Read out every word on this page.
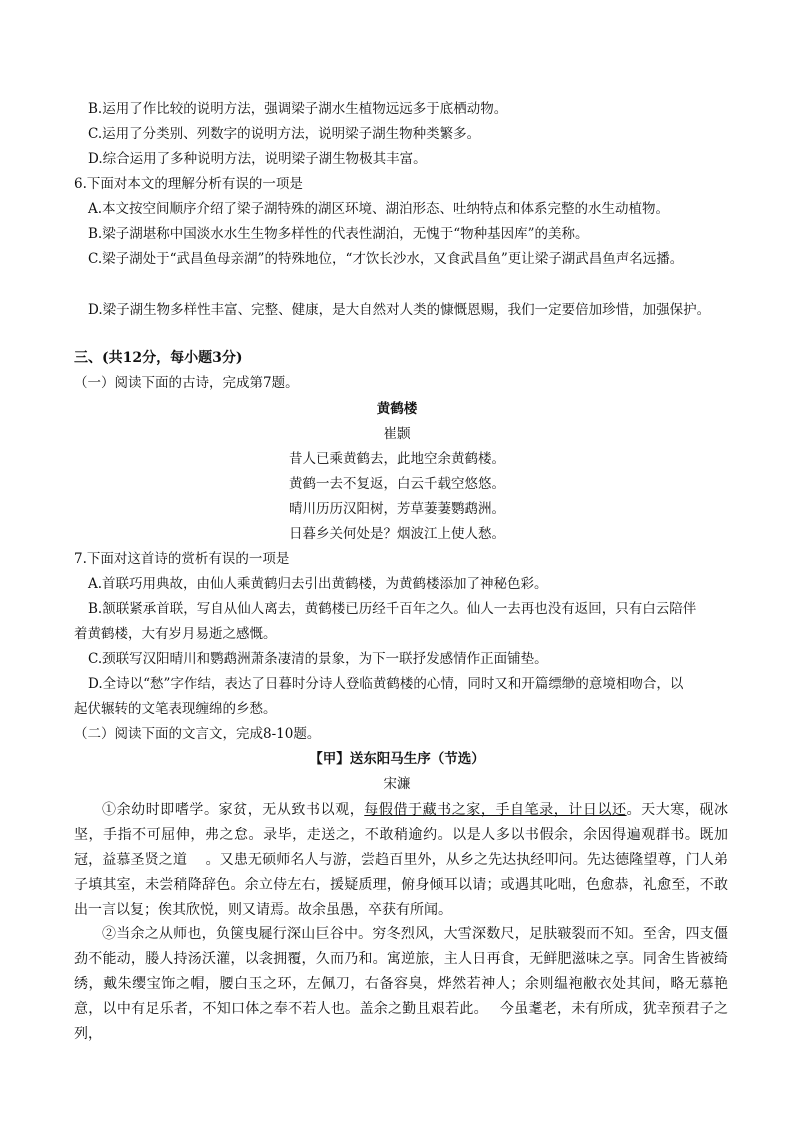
B.运用了作比较的说明方法，强调梁子湖水生植物远远多于底栖动物。
C.运用了分类别、列数字的说明方法，说明梁子湖生物种类繁多。
D.综合运用了多种说明方法，说明梁子湖生物极其丰富。
6.下面对本文的理解分析有误的一项是
A.本文按空间顺序介绍了梁子湖特殊的湖区环境、湖泊形态、吐纳特点和体系完整的水生动植物。
B.梁子湖堪称中国淡水水生生物多样性的代表性湖泊，无愧于“物种基因库”的美称。
C.梁子湖处于“武昌鱼母亲湖”的特殊地位，“才饮长沙水，又食武昌鱼”更让梁子湖武昌鱼声名远播。
D.梁子湖生物多样性丰富、完整、健康，是大自然对人类的慷慨恩赐，我们一定要倍加珍惜，加强保护。
三、(共12分，每小题3分)
（一）阅读下面的古诗，完成第7题。
黄鹤楼
崔颢
昔人已乘黄鹤去，此地空余黄鹤楼。
黄鹤一去不复返，白云千载空悠悠。
晴川历历汉阳树，芳草萋萋鹦鹉洲。
日暮乡关何处是？烟波江上使人愁。
7.下面对这首诗的赏析有误的一项是
A.首联巧用典故，由仙人乘黄鹤归去引出黄鹤楼，为黄鹤楼添加了神秘色彩。
B.颔联紧承首联，写自从仙人离去，黄鹤楼已历经千百年之久。仙人一去再也没有返回，只有白云陪伴
着黄鹤楼，大有岁月易逝之感慨。
C.颈联写汉阳晴川和鹦鹉洲萧条凄清的景象，为下一联抒发感情作正面铺垫。
D.全诗以“愁”字作结，表达了日暮时分诗人登临黄鹤楼的心情，同时又和开篇缥缈的意境相吻合，以
起伏辗转的文笔表现缠绵的乡愁。
（二）阅读下面的文言文，完成8-10题。
【甲】送东阳马生序（节选）
宋濂
①余幼时即嗜学。家贫，无从致书以观，每假借于藏书之家，手自笔录，计日以还。天大寒，砚冰坚，手指不可屈伸，弗之怠。录毕，走送之，不敢稍逾约。以是人多以书假余，余因得遍观群书。既加冠，益慕圣贤之道　 。又患无硕师名人与游，尝趋百里外，从乡之先达执经叩问。先达德隆望尊，门人弟子填其室，未尝稍降辞色。余立侍左右，援疑质理，俯身倾耳以请；或遇其叱咄，色愈恭，礼愈至，不敢出一言以复；俟其欣悦，则又请焉。故余虽愚，卒获有所闻。
②当余之从师也，负箧曳屣行深山巨谷中。穷冬烈风，大雪深数尺，足肤皲裂而不知。至舍，四支僵劲不能动，媵人持汤沃灌，以衾拥覆，久而乃和。寓逆旅，主人日再食，无鲜肥滋味之享。同舍生皆被绮绣，戴朱缨宝饰之帽，腰白玉之环，左佩刀，右备容臭，烨然若神人；余则缊袍敝衣处其间，略无慕艳意，以中有足乐者，不知口体之奉不若人也。盖余之勤且艰若此。　 今虽耄老，未有所成，犹幸预君子之列，
